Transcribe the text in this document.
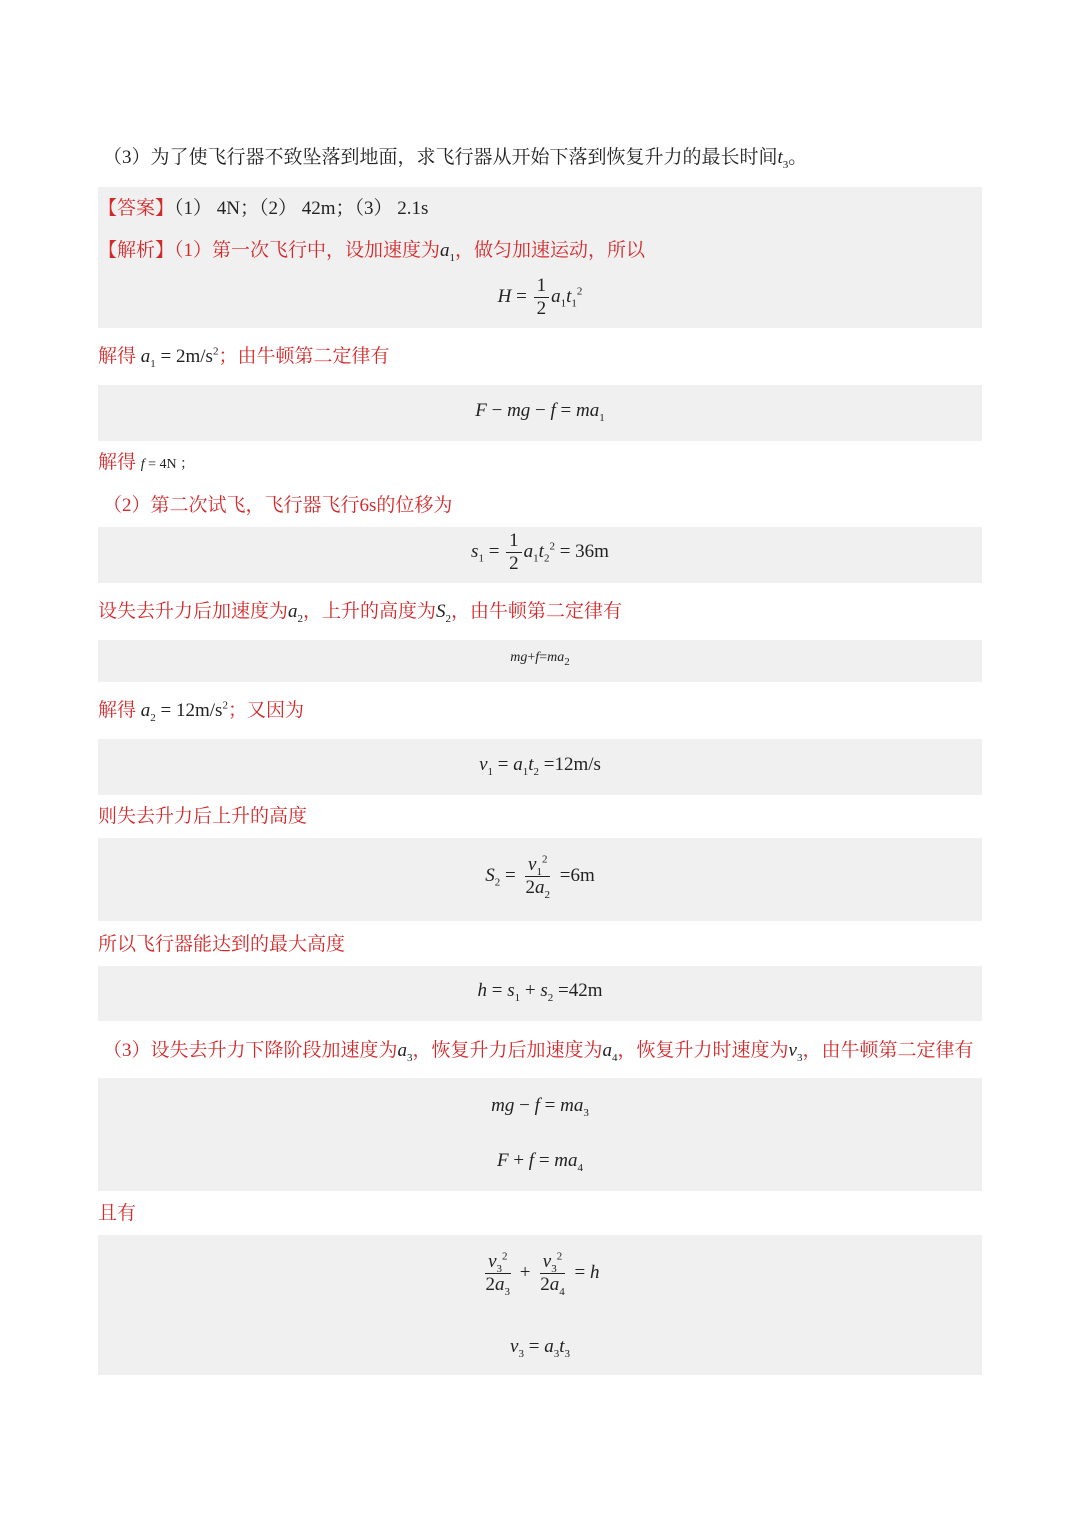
（3）为了使飞行器不致坠落到地面，求飞行器从开始下落到恢复升力的最长时间$t_3$。
【答案】（1） 4N；（2） 42m；（3） 2.1s
【解析】（1）第一次飞行中，设加速度为$a_1$，做匀加速运动，所以
$H = \frac{1}{2} a_1t_1^2$
解得 $a_1 = 2m/s^2$；由牛顿第二定律有
F − mg − $f = ma_1$
解得 f = 4N ；
（2）第二次试飞，飞行器飞行6s的位移为
$s_1 = \frac{1}{2} a_1t_2^2 = 36m$
设失去升力后加速度为$a_2$，上升的高度为$S_2$，由牛顿第二定律有
$mg+f=ma_2$
解得 $a_2 = 12m/s^2$；又因为
$v_1 = a_1t_2 =12m/s$
则失去升力后上升的高度
$S_2 = \frac{v_1^2}{2a_2} =6m$
所以飞行器能达到的最大高度
$h = s_1 + s_2 =42m$
（3）设失去升力下降阶段加速度为$a_3$，恢复升力后加速度为$a_4$，恢复升力时速度为$v_3$，由牛顿第二定律有
mg − $f = ma_3$
$F + f = ma_4$
且有
$\frac{v_3^2}{2a_3} + \frac{v_3^2}{2a_4} = h$
$v_3 = a_3t_3$
